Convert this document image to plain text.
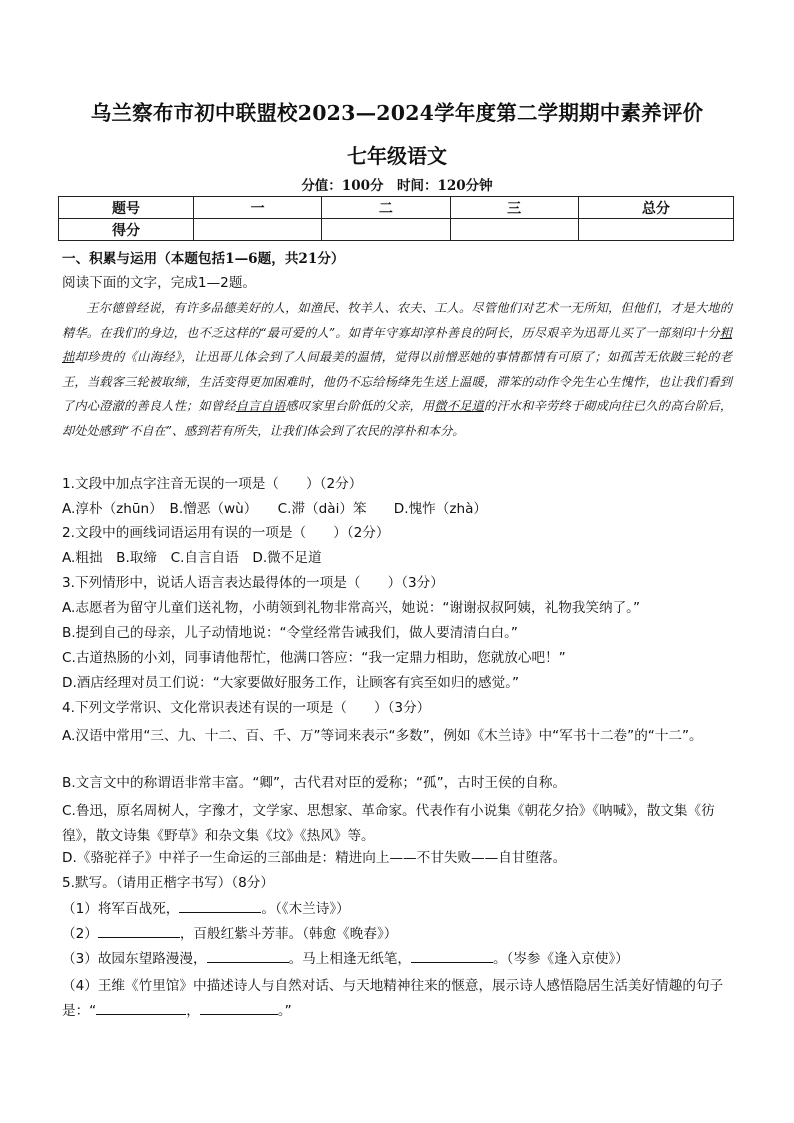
乌兰察布市初中联盟校2023—2024学年度第二学期期中素养评价
七年级语文
分值：100分　时间：120分钟
题号	一	二	三	总分
得分				
一、积累与运用（本题包括1—6题，共21分）
阅读下面的文字，完成1—2题。

王尔德曾经说，有许多品德美好的人，如渔民、牧羊人、农夫、工人。尽管他们对艺术一无所知，但他们，才是大地的精华。在我们的身边，也不乏这样的“最可爱的人”。如青年守寡却淳朴善良的阿长，历尽艰辛为迅哥儿买了一部刻印十分粗拙却珍贵的《山海经》，让迅哥儿体会到了人间最美的温情，觉得以前憎恶她的事情都情有可原了；如孤苦无依跛三轮的老王，当载客三轮被取缔，生活变得更加困难时，他仍不忘给杨绛先生送上温暖，滞笨的动作令先生心生愧怍，也让我们看到了内心澄澈的善良人性；如曾经自言自语感叹家里台阶低的父亲，用微不足道的汗水和辛劳终于砌成向往已久的高台阶后，却处处感到“不自在”、感到若有所失，让我们体会到了农民的淳朴和本分。

1.文段中加点字注音无误的一项是（　　）（2分）
A.淳朴（zhūn）　B.憎恶（wù）　　C.滞（dài）笨　　D.愧怍（zhà）
2.文段中的画线词语运用有误的一项是（　　）（2分）
A.粗拙　B.取缔　C.自言自语　D.微不足道
3.下列情形中，说话人语言表达最得体的一项是（　　）（3分）
A.志愿者为留守儿童们送礼物，小萌领到礼物非常高兴，她说：“谢谢叔叔阿姨，礼物我笑纳了。”
B.提到自己的母亲，儿子动情地说：“令堂经常告诫我们，做人要清清白白。”
C.古道热肠的小刘，同事请他帮忙，他满口答应：“我一定鼎力相助，您就放心吧！”
D.酒店经理对员工们说：“大家要做好服务工作，让顾客有宾至如归的感觉。”
4.下列文学常识、文化常识表述有误的一项是（　　）（3分）
A.汉语中常用“三、九、十二、百、千、万”等词来表示“多数”，例如《木兰诗》中“军书十二卷”的“十二”。
B.文言文中的称谓语非常丰富。“卿”，古代君对臣的爱称；“孤”，古时王侯的自称。
C.鲁迅，原名周树人，字豫才，文学家、思想家、革命家。代表作有小说集《朝花夕拾》《呐喊》，散文集《彷徨》，散文诗集《野草》和杂文集《坟》《热风》等。
D.《骆驼祥子》中祥子一生命运的三部曲是：精进向上——不甘失败——自甘堕落。
5.默写。（请用正楷字书写）（8分）
（1）将军百战死，	。（《木兰诗》）
（2）	，百般红紫斗芳菲。（韩愈《晚春》）
（3）故园东望路漫漫，	。马上相逢无纸笔，	。（岑参《逢入京使》）
（4）王维《竹里馆》中描述诗人与自然对话、与天地精神往来的惬意，展示诗人感悟隐居生活美好情趣的句子是：“	，	。”
